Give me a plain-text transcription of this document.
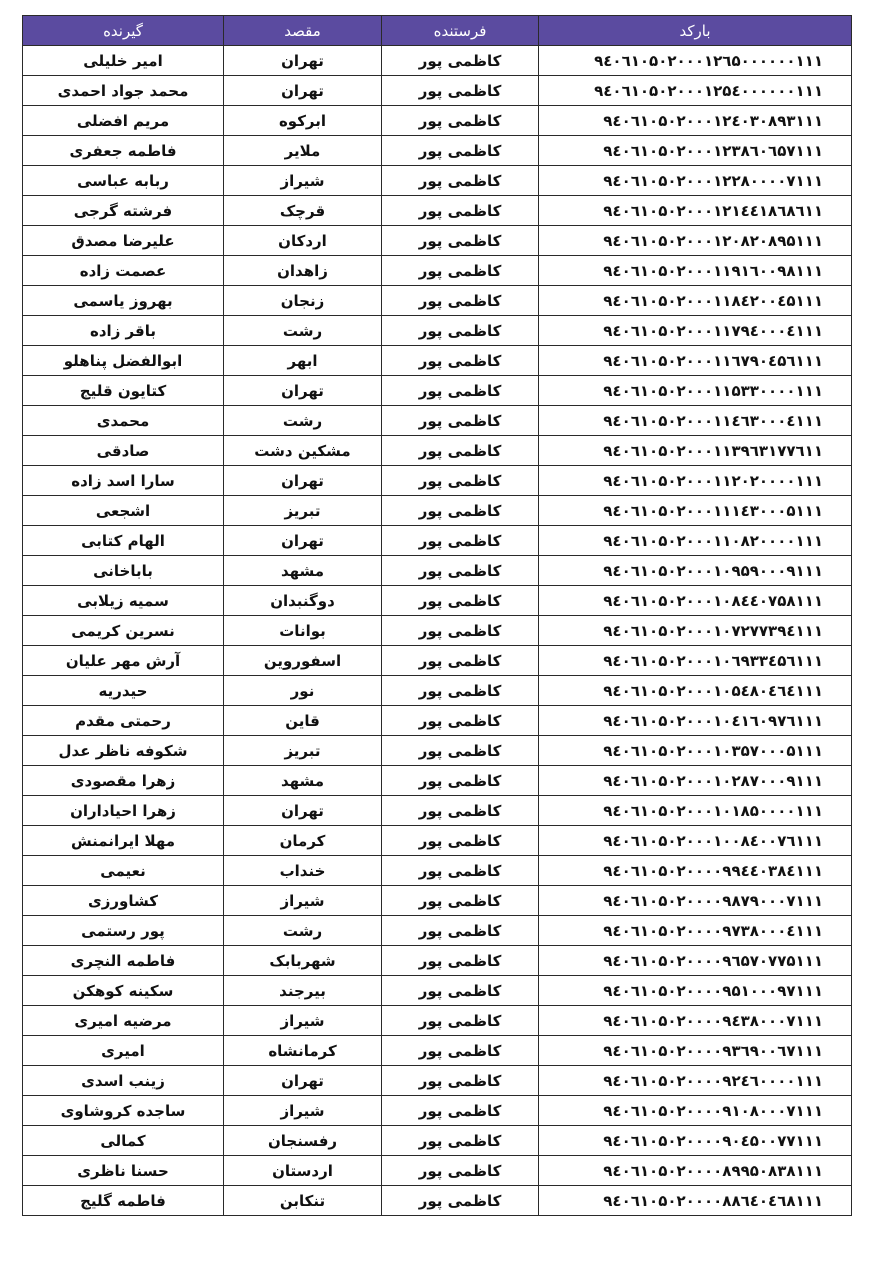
بارکد	فرستنده	مقصد	گیرنده
۹٤۰٦۱۰۵۰۲۰۰۰۱۲٦۵۰۰۰۰۰۰۱۱۱	کاظمی پور	تهران	امیر خلیلی
۹٤۰٦۱۰۵۰۲۰۰۰۱۲۵٤۰۰۰۰۰۰۱۱۱	کاظمی پور	تهران	محمد جواد احمدی
۹٤۰٦۱۰۵۰۲۰۰۰۱۲٤۰۳۰۸۹۳۱۱۱	کاظمی پور	ابرکوه	مریم افضلی
۹٤۰٦۱۰۵۰۲۰۰۰۱۲۳۸٦۰٦۵۷۱۱۱	کاظمی پور	ملایر	فاطمه جعفری
۹٤۰٦۱۰۵۰۲۰۰۰۱۲۲۸۰۰۰۰۷۱۱۱	کاظمی پور	شیراز	ربابه عباسی
۹٤۰٦۱۰۵۰۲۰۰۰۱۲۱٤٤۱۸٦۸٦۱۱	کاظمی پور	قرچک	فرشته گرجی
۹٤۰٦۱۰۵۰۲۰۰۰۱۲۰۸۲۰۸۹۵۱۱۱	کاظمی پور	اردکان	علیرضا مصدق
۹٤۰٦۱۰۵۰۲۰۰۰۱۱۹۱٦۰۰۹۸۱۱۱	کاظمی پور	زاهدان	عصمت زاده
۹٤۰٦۱۰۵۰۲۰۰۰۱۱۸٤۲۰۰٤۵۱۱۱	کاظمی پور	زنجان	بهروز یاسمی
۹٤۰٦۱۰۵۰۲۰۰۰۱۱۷۹٤۰۰۰٤۱۱۱	کاظمی پور	رشت	باقر زاده
۹٤۰٦۱۰۵۰۲۰۰۰۱۱٦۷۹۰٤۵٦۱۱۱	کاظمی پور	ابهر	ابوالفضل پناهلو
۹٤۰٦۱۰۵۰۲۰۰۰۱۱۵۳۳۰۰۰۰۱۱۱	کاظمی پور	تهران	کتایون قلیج
۹٤۰٦۱۰۵۰۲۰۰۰۱۱٤٦۳۰۰۰٤۱۱۱	کاظمی پور	رشت	محمدی
۹٤۰٦۱۰۵۰۲۰۰۰۱۱۳۹٦۳۱۷۷٦۱۱	کاظمی پور	مشکین دشت	صادقی
۹٤۰٦۱۰۵۰۲۰۰۰۱۱۲۰۲۰۰۰۰۱۱۱	کاظمی پور	تهران	سارا اسد زاده
۹٤۰٦۱۰۵۰۲۰۰۰۱۱۱٤۳۰۰۰۵۱۱۱	کاظمی پور	تبریز	اشجعی
۹٤۰٦۱۰۵۰۲۰۰۰۱۱۰۸۲۰۰۰۰۱۱۱	کاظمی پور	تهران	الهام کتابی
۹٤۰٦۱۰۵۰۲۰۰۰۱۰۹۵۹۰۰۰۹۱۱۱	کاظمی پور	مشهد	باباخانی
۹٤۰٦۱۰۵۰۲۰۰۰۱۰۸٤٤۰۷۵۸۱۱۱	کاظمی پور	دوگنبدان	سمیه زیلابی
۹٤۰٦۱۰۵۰۲۰۰۰۱۰۷۲۷۷۳۹٤۱۱۱	کاظمی پور	بوانات	نسرین کریمی
۹٤۰٦۱۰۵۰۲۰۰۰۱۰٦۹۳۳٤۵٦۱۱۱	کاظمی پور	اسفوروین	آرش مهر علیان
۹٤۰٦۱۰۵۰۲۰۰۰۱۰۵٤۸۰٤٦٤۱۱۱	کاظمی پور	نور	حیدریه
۹٤۰٦۱۰۵۰۲۰۰۰۱۰٤۱٦۰۹۷٦۱۱۱	کاظمی پور	قاین	رحمتی مقدم
۹٤۰٦۱۰۵۰۲۰۰۰۱۰۳۵۷۰۰۰۵۱۱۱	کاظمی پور	تبریز	شکوفه ناظر عدل
۹٤۰٦۱۰۵۰۲۰۰۰۱۰۲۸۷۰۰۰۹۱۱۱	کاظمی پور	مشهد	زهرا مقصودی
۹٤۰٦۱۰۵۰۲۰۰۰۱۰۱۸۵۰۰۰۰۱۱۱	کاظمی پور	تهران	زهرا احیاداران
۹٤۰٦۱۰۵۰۲۰۰۰۱۰۰۸٤۰۰۷٦۱۱۱	کاظمی پور	کرمان	مهلا ایرانمنش
۹٤۰٦۱۰۵۰۲۰۰۰۰۹۹٤٤۰۳۸٤۱۱۱	کاظمی پور	خنداب	نعیمی
۹٤۰٦۱۰۵۰۲۰۰۰۰۹۸۷۹۰۰۰۷۱۱۱	کاظمی پور	شیراز	کشاورزی
۹٤۰٦۱۰۵۰۲۰۰۰۰۹۷۳۸۰۰۰٤۱۱۱	کاظمی پور	رشت	پور رستمی
۹٤۰٦۱۰۵۰۲۰۰۰۰۹٦۵۷۰۷۷۵۱۱۱	کاظمی پور	شهربابک	فاطمه النچری
۹٤۰٦۱۰۵۰۲۰۰۰۰۹۵۱۰۰۰۹۷۱۱۱	کاظمی پور	بیرجند	سکینه کوهکن
۹٤۰٦۱۰۵۰۲۰۰۰۰۹٤۳۸۰۰۰۷۱۱۱	کاظمی پور	شیراز	مرضیه امیری
۹٤۰٦۱۰۵۰۲۰۰۰۰۹۳٦۹۰۰٦۷۱۱۱	کاظمی پور	کرمانشاه	امیری
۹٤۰٦۱۰۵۰۲۰۰۰۰۹۲٤٦۰۰۰۰۱۱۱	کاظمی پور	تهران	زینب اسدی
۹٤۰٦۱۰۵۰۲۰۰۰۰۹۱۰۸۰۰۰۷۱۱۱	کاظمی پور	شیراز	ساجده کروشاوی
۹٤۰٦۱۰۵۰۲۰۰۰۰۹۰٤۵۰۰۷۷۱۱۱	کاظمی پور	رفسنجان	کمالی
۹٤۰٦۱۰۵۰۲۰۰۰۰۸۹۹۵۰۸۳۸۱۱۱	کاظمی پور	اردستان	حسنا ناظری
۹٤۰٦۱۰۵۰۲۰۰۰۰۸۸٦٤۰٤٦۸۱۱۱	کاظمی پور	تنکابن	فاطمه گلیج
